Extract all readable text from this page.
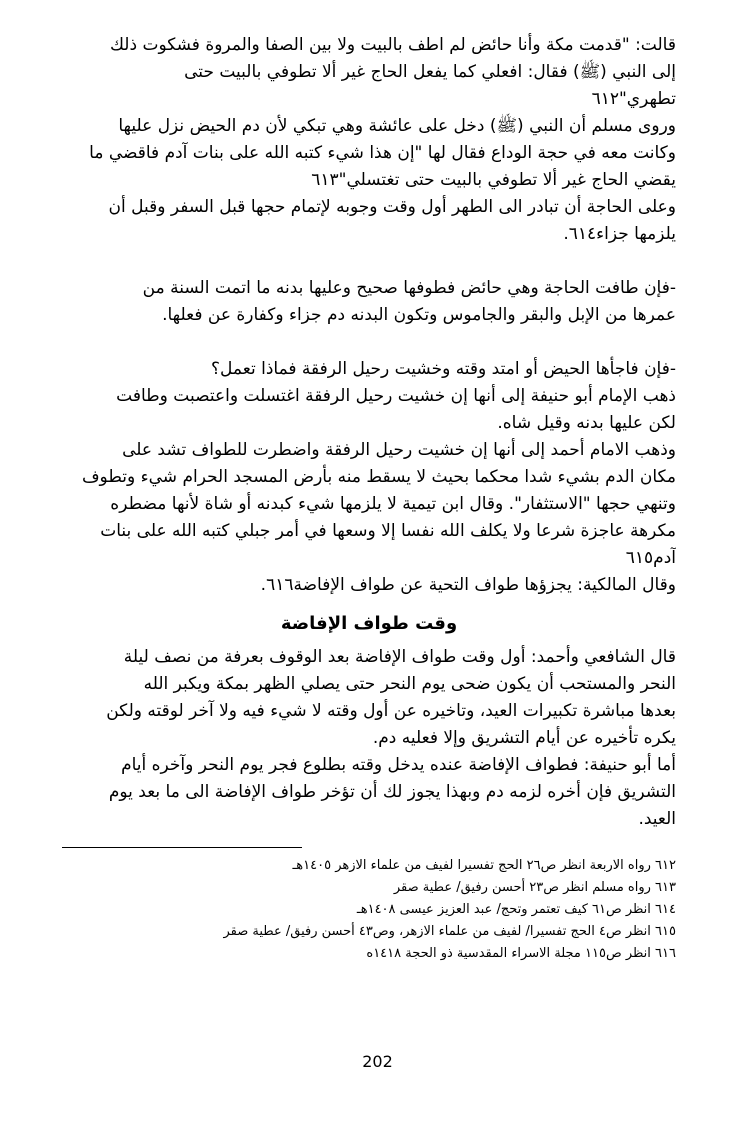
قالت: "قدمت مكة وأنا حائض لم اطف بالبيت ولا بين الصفا والمروة فشكوت ذلك
إلى النبي (ﷺ) فقال: افعلي كما يفعل الحاج غير ألا تطوفي بالبيت حتى
تطهري"٦١٢
وروى مسلم أن النبي (ﷺ) دخل على عائشة وهي تبكي لأن دم الحيض نزل عليها
وكانت معه في حجة الوداع فقال لها "إن هذا شيء كتبه الله على بنات آدم فاقضي ما
يقضي الحاج غير ألا تطوفي بالبيت حتى تغتسلي"٦١٣
وعلى الحاجة أن تبادر الى الطهر أول وقت وجوبه لإتمام حجها قبل السفر وقبل أن
يلزمها جزاء٦١٤.
-فإن طافت الحاجة وهي حائض فطوفها صحيح وعليها بدنه ما اتمت السنة من
عمرها من الإبل والبقر والجاموس وتكون البدنه دم جزاء وكفارة عن فعلها.
-فإن فاجأها الحيض أو امتد وقته وخشيت رحيل الرفقة فماذا تعمل؟
ذهب الإمام أبو حنيفة إلى أنها إن خشيت رحيل الرفقة اغتسلت واعتصبت وطافت
لكن عليها بدنه وقيل شاه.
وذهب الامام أحمد إلى أنها إن خشيت رحيل الرفقة واضطرت للطواف تشد على
مكان الدم بشيء شدا محكما بحيث لا يسقط منه بأرض المسجد الحرام شيء وتطوف
وتنهي حجها "الاستثفار". وقال ابن تيمية لا يلزمها شيء كبدنه أو شاة لأنها مضطره
مكرهة عاجزة شرعا ولا يكلف الله نفسا إلا وسعها في أمر جبلي كتبه الله على بنات
آدم٦١٥
وقال المالكية: يجزؤها طواف التحية عن طواف الإفاضة٦١٦.
وقت طواف الإفاضة
قال الشافعي وأحمد: أول وقت طواف الإفاضة بعد الوقوف بعرفة من نصف ليلة
النحر والمستحب أن يكون ضحى يوم النحر حتى يصلي الظهر بمكة ويكبر الله
بعدها مباشرة تكبيرات العيد، وتاخيره عن أول وقته لا شيء فيه ولا آخر لوقته ولكن
يكره تأخيره عن أيام التشريق وإلا فعليه دم.
أما أبو حنيفة: فطواف الإفاضة عنده يدخل وقته بطلوع فجر يوم النحر وآخره أيام
التشريق فإن أخره لزمه دم وبهذا يجوز لك أن تؤخر طواف الإفاضة الى ما بعد يوم
العيد.
٦١٢ رواه الاربعة انظر ص٢٦ الحج تفسيرا لفيف من علماء الازهر ١٤٠٥هـ
٦١٣ رواه مسلم انظر ص٢٣ أحسن رفيق/ عطية صقر
٦١٤ انظر ص٦١ كيف تعتمر وتحج/ عبد العزيز عيسى ١٤٠٨هـ
٦١٥ انظر ص٤ الحج تفسيرا/ لفيف من علماء الازهر، وص٤٣ أحسن رفيق/ عطية صقر
٦١٦ انظر ص١١٥ مجلة الاسراء المقدسية ذو الحجة ١٤١٨ه
202
